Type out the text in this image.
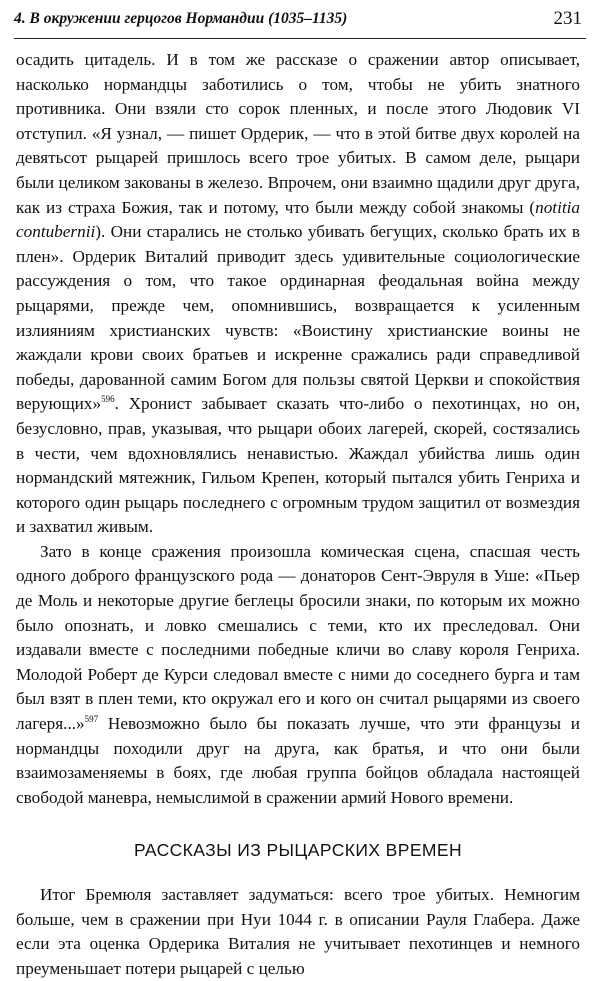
4. В окружении герцогов Нормандии (1035–1135)	231

осадить цитадель. И в том же рассказе о сражении автор описывает, насколько нормандцы заботились о том, чтобы не убить знатного противника. Они взяли сто сорок пленных, и после этого Людовик VI отступил. «Я узнал, — пишет Ордерик, — что в этой битве двух королей на девятьсот рыцарей пришлось всего трое убитых. В самом деле, рыцари были целиком закованы в железо. Впрочем, они взаимно щадили друг друга, как из страха Божия, так и потому, что были между собой знакомы (notitia contubernii). Они старались не столько убивать бегущих, сколько брать их в плен». Ордерик Виталий приводит здесь удивительные социологические рассуждения о том, что такое ординарная феодальная война между рыцарями, прежде чем, опомнившись, возвращается к усиленным излияниям христианских чувств: «Воистину христианские воины не жаждали крови своих братьев и искренне сражались ради справедливой победы, дарованной самим Богом для пользы святой Церкви и спокойствия верующих»$^{596}$. Хронист забывает сказать что-либо о пехотинцах, но он, безусловно, прав, указывая, что рыцари обоих лагерей, скорей, состязались в чести, чем вдохновлялись ненавистью. Жаждал убийства лишь один нормандский мятежник, Гильом Крепен, который пытался убить Генриха и которого один рыцарь последнего с огромным трудом защитил от возмездия и захватил живым.

Зато в конце сражения произошла комическая сцена, спасшая честь одного доброго французского рода — донаторов Сент-Эвруля в Уше: «Пьер де Моль и некоторые другие беглецы бросили знаки, по которым их можно было опознать, и ловко смешались с теми, кто их преследовал. Они издавали вместе с последними победные кличи во славу короля Генриха. Молодой Роберт де Курси следовал вместе с ними до соседнего бурга и там был взят в плен теми, кто окружал его и кого он считал рыцарями из своего лагеря...»$^{597}$ Невозможно было бы показать лучше, что эти французы и нормандцы походили друг на друга, как братья, и что они были взаимозаменяемы в боях, где любая группа бойцов обладала настоящей свободой маневра, немыслимой в сражении армий Нового времени.

РАССКАЗЫ ИЗ РЫЦАРСКИХ ВРЕМЕН

Итог Бремюля заставляет задуматься: всего трое убитых. Немногим больше, чем в сражении при Нуи 1044 г. в описании Рауля Глабера. Даже если эта оценка Ордерика Виталия не учитывает пехотинцев и немного преуменьшает потери рыцарей с целью
